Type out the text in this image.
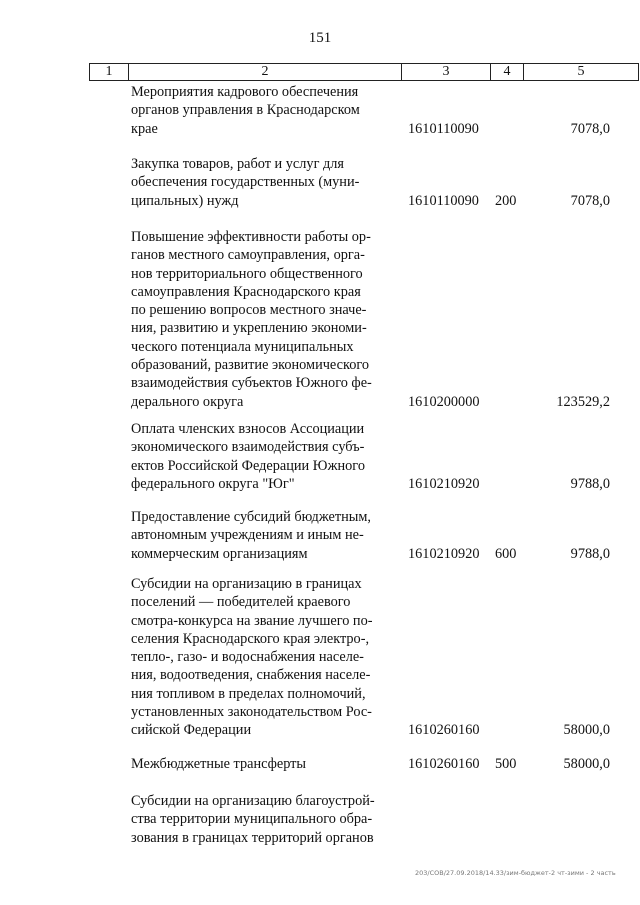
151
1	2	3	4	5
Мероприятия кадрового обеспечения
органов управления в Краснодарском
крае	1610110090	7078,0
Закупка товаров, работ и услуг для
обеспечения государственных (муни-
ципальных) нужд	1610110090 200	7078,0
Повышение эффективности работы ор-
ганов местного самоуправления, орга-
нов территориального общественного
самоуправления Краснодарского края
по решению вопросов местного значе-
ния, развитию и укреплению экономи-
ческого потенциала муниципальных
образований, развитие экономического
взаимодействия субъектов Южного фе-
дерального округа	1610200000	123529,2
Оплата членских взносов Ассоциации
экономического взаимодействия субъ-
ектов Российской Федерации Южного
федерального округа "Юг"	1610210920	9788,0
Предоставление субсидий бюджетным,
автономным учреждениям и иным не-
коммерческим организациям	1610210920 600	9788,0
Субсидии на организацию в границах
поселений — победителей краевого
смотра-конкурса на звание лучшего по-
селения Краснодарского края электро-,
тепло-, газо- и водоснабжения населе-
ния, водоотведения, снабжения населе-
ния топливом в пределах полномочий,
установленных законодательством Рос-
сийской Федерации	1610260160	58000,0
Межбюджетные трансферты	1610260160 500	58000,0
Субсидии на организацию благоустрой-
ства территории муниципального обра-
зования в границах территорий органов
203/СОВ/27.09.2018/14.33/зим-бюджет-2 чт-зими - 2 часть
